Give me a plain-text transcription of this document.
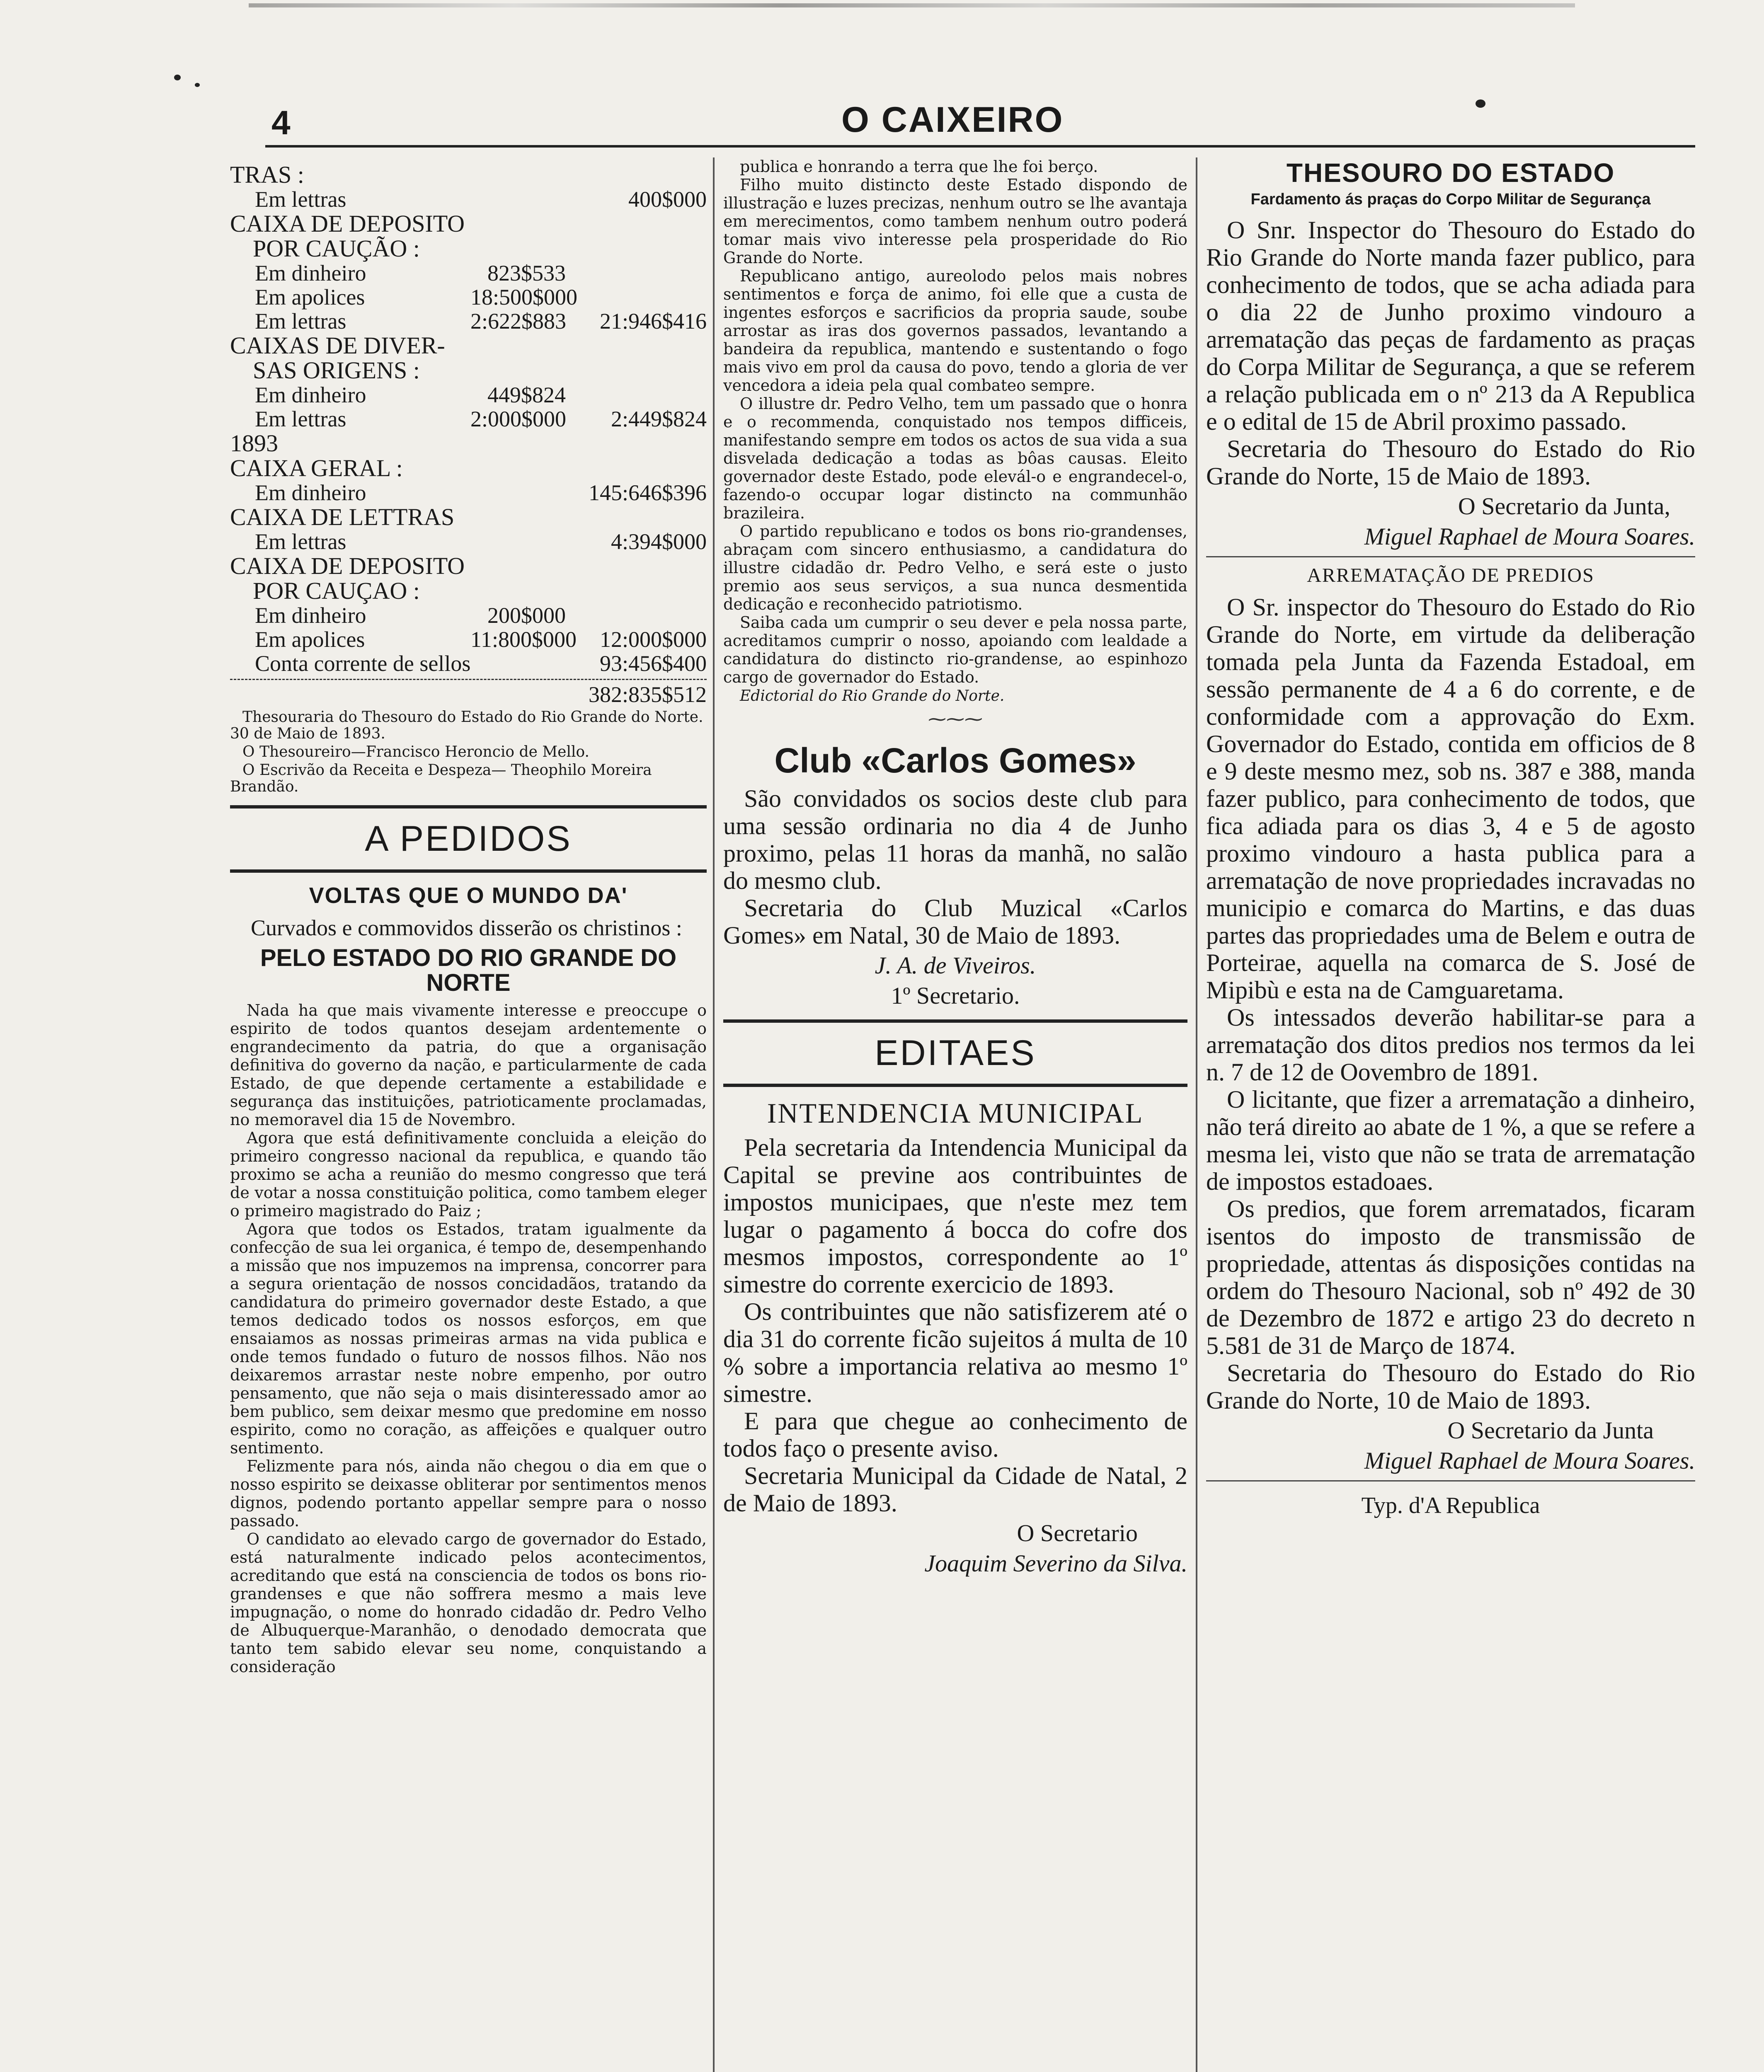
4	O CAIXEIRO
TRAS :
Em lettras	400$000
CAIXA DE DEPOSITO
POR CAUÇÃO :
Em dinheiro	823$533
Em apolices	18:500$000
Em lettras	2:622$883	21:946$416
CAIXAS DE DIVER-
SAS ORIGENS :
Em dinheiro	449$824
Em lettras	2:000$000	2:449$824
1893
CAIXA GERAL :
Em dinheiro	145:646$396
CAIXA DE LETTRAS
Em lettras	4:394$000
CAIXA DE DEPOSITO
POR CAUÇAO :
Em dinheiro	200$000
Em apolices	11:800$000	12:000$000
Conta corrente de sellos	93:456$400
382:835$512
Thesouraria do Thesouro do Estado do Rio Grande do Norte. 30 de Maio de 1893.
O Thesoureiro—Francisco Heroncio de Mello.
O Escrivão da Receita e Despeza— Theophilo Moreira Brandão.
A PEDIDOS
VOLTAS QUE O MUNDO DA'

Curvados e commovidos disserão os christinos :

PELO ESTADO DO RIO GRANDE DO NORTE

Nada ha que mais vivamente interesse e preoccupe o espirito de todos quantos desejam ardentemente o engrandecimento da patria, do que a organisação definitiva do governo da nação, e particularmente de cada Estado, de que depende certamente a estabilidade e segurança das instituições, patrioticamente proclamadas, no memoravel dia 15 de Novembro.

Agora que está definitivamente concluida a eleição do primeiro congresso nacional da republica, e quando tão proximo se acha a reunião do mesmo congresso que terá de votar a nossa constituição politica, como tambem eleger o primeiro magistrado do Paiz ;

Agora que todos os Estados, tratam igualmente da confecção de sua lei organica, é tempo de, desempenhando a missão que nos impuzemos na imprensa, concorrer para a segura orientação de nossos concidadãos, tratando da candidatura do primeiro governador deste Estado, a que temos dedicado todos os nossos esforços, em que ensaiamos as nossas primeiras armas na vida publica e onde temos fundado o futuro de nossos filhos. Não nos deixaremos arrastar neste nobre empenho, por outro pensamento, que não seja o mais disinteressado amor ao bem publico, sem deixar mesmo que predomine em nosso espirito, como no coração, as affeições e qualquer outro sentimento.

Felizmente para nós, ainda não chegou o dia em que o nosso espirito se deixasse obliterar por sentimentos menos dignos, podendo portanto appellar sempre para o nosso passado.

O candidato ao elevado cargo de governador do Estado, está naturalmente indicado pelos acontecimentos, acreditando que está na consciencia de todos os bons rio-grandenses e que não soffrera mesmo a mais leve impugnação, o nome do honrado cidadão dr. Pedro Velho de Albuquerque-Maranhão, o denodado democrata que tanto tem sabido elevar seu nome, conquistando a consideração

publica e honrando a terra que lhe foi berço.

Filho muito distincto deste Estado dispondo de illustração e luzes precizas, nenhum outro se lhe avantaja em merecimentos, como tambem nenhum outro poderá tomar mais vivo interesse pela prosperidade do Rio Grande do Norte.

Republicano antigo, aureolodo pelos mais nobres sentimentos e força de animo, foi elle que a custa de ingentes esforços e sacrificios da propria saude, soube arrostar as iras dos governos passados, levantando a bandeira da republica, mantendo e sustentando o fogo mais vivo em prol da causa do povo, tendo a gloria de ver vencedora a ideia pela qual combateo sempre.

O illustre dr. Pedro Velho, tem um passado que o honra e o recommenda, conquistado nos tempos difficeis, manifestando sempre em todos os actos de sua vida a sua disvelada dedicação a todas as bôas causas. Eleito governador deste Estado, pode elevál-o e engrandecel-o, fazendo-o occupar logar distincto na communhão brazileira.

O partido republicano e todos os bons rio-grandenses, abraçam com sincero enthusiasmo, a candidatura do illustre cidadão dr. Pedro Velho, e será este o justo premio aos seus serviços, a sua nunca desmentida dedicação e reconhecido patriotismo.

Saiba cada um cumprir o seu dever e pela nossa parte, acreditamos cumprir o nosso, apoiando com lealdade a candidatura do distincto rio-grandense, ao espinhozo cargo de governador do Estado.

Edictorial do Rio Grande do Norte.
⁓⁓⁓
Club «Carlos Gomes»

São convidados os socios deste club para uma sessão ordinaria no dia 4 de Junho proximo, pelas 11 horas da manhã, no salão do mesmo club.

Secretaria do Club Muzical «Carlos Gomes» em Natal, 30 de Maio de 1893.

J. A. de Viveiros.
1º Secretario.
EDITAES
INTENDENCIA MUNICIPAL

Pela secretaria da Intendencia Municipal da Capital se previne aos contribuintes de impostos municipaes, que n'este mez tem lugar o pagamento á bocca do cofre dos mesmos impostos, correspondente ao 1º simestre do corrente exercicio de 1893.

Os contribuintes que não satisfizerem até o dia 31 do corrente ficão sujeitos á multa de 10 % sobre a importancia relativa ao mesmo 1º simestre.

E para que chegue ao conhecimento de todos faço o presente aviso.

Secretaria Municipal da Cidade de Natal, 2 de Maio de 1893.

O Secretario
Joaquim Severino da Silva.
THESOURO DO ESTADO
Fardamento ás praças do Corpo Militar de Segurança

O Snr. Inspector do Thesouro do Estado do Rio Grande do Norte manda fazer publico, para conhecimento de todos, que se acha adiada para o dia 22 de Junho proximo vindouro a arrematação das peças de fardamento as praças do Corpa Militar de Segurança, a que se referem a relação publicada em o nº 213 da A Republica e o edital de 15 de Abril proximo passado.

Secretaria do Thesouro do Estado do Rio Grande do Norte, 15 de Maio de 1893.

O Secretario da Junta,
Miguel Raphael de Moura Soares.
ARREMATAÇÃO DE PREDIOS

O Sr. inspector do Thesouro do Estado do Rio Grande do Norte, em virtude da deliberação tomada pela Junta da Fazenda Estadoal, em sessão permanente de 4 a 6 do corrente, e de conformidade com a approvação do Exm. Governador do Estado, contida em officios de 8 e 9 deste mesmo mez, sob ns. 387 e 388, manda fazer publico, para conhecimento de todos, que fica adiada para os dias 3, 4 e 5 de agosto proximo vindouro a hasta publica para a arrematação de nove propriedades incravadas no municipio e comarca do Martins, e das duas partes das propriedades uma de Belem e outra de Porteirae, aquella na comarca de S. José de Mipibù e esta na de Camguaretama.

Os intessados deverão habilitar-se para a arrematação dos ditos predios nos termos da lei n. 7 de 12 de Oovembro de 1891.

O licitante, que fizer a arrematação a dinheiro, não terá direito ao abate de 1 %, a que se refere a mesma lei, visto que não se trata de arrematação de impostos estadoaes.

Os predios, que forem arrematados, ficaram isentos do imposto de transmissão de propriedade, attentas ás disposições contidas na ordem do Thesouro Nacional, sob nº 492 de 30 de Dezembro de 1872 e artigo 23 do decreto n 5.581 de 31 de Março de 1874.

Secretaria do Thesouro do Estado do Rio Grande do Norte, 10 de Maio de 1893.

O Secretario da Junta
Miguel Raphael de Moura Soares.
Typ. d'A Republica
